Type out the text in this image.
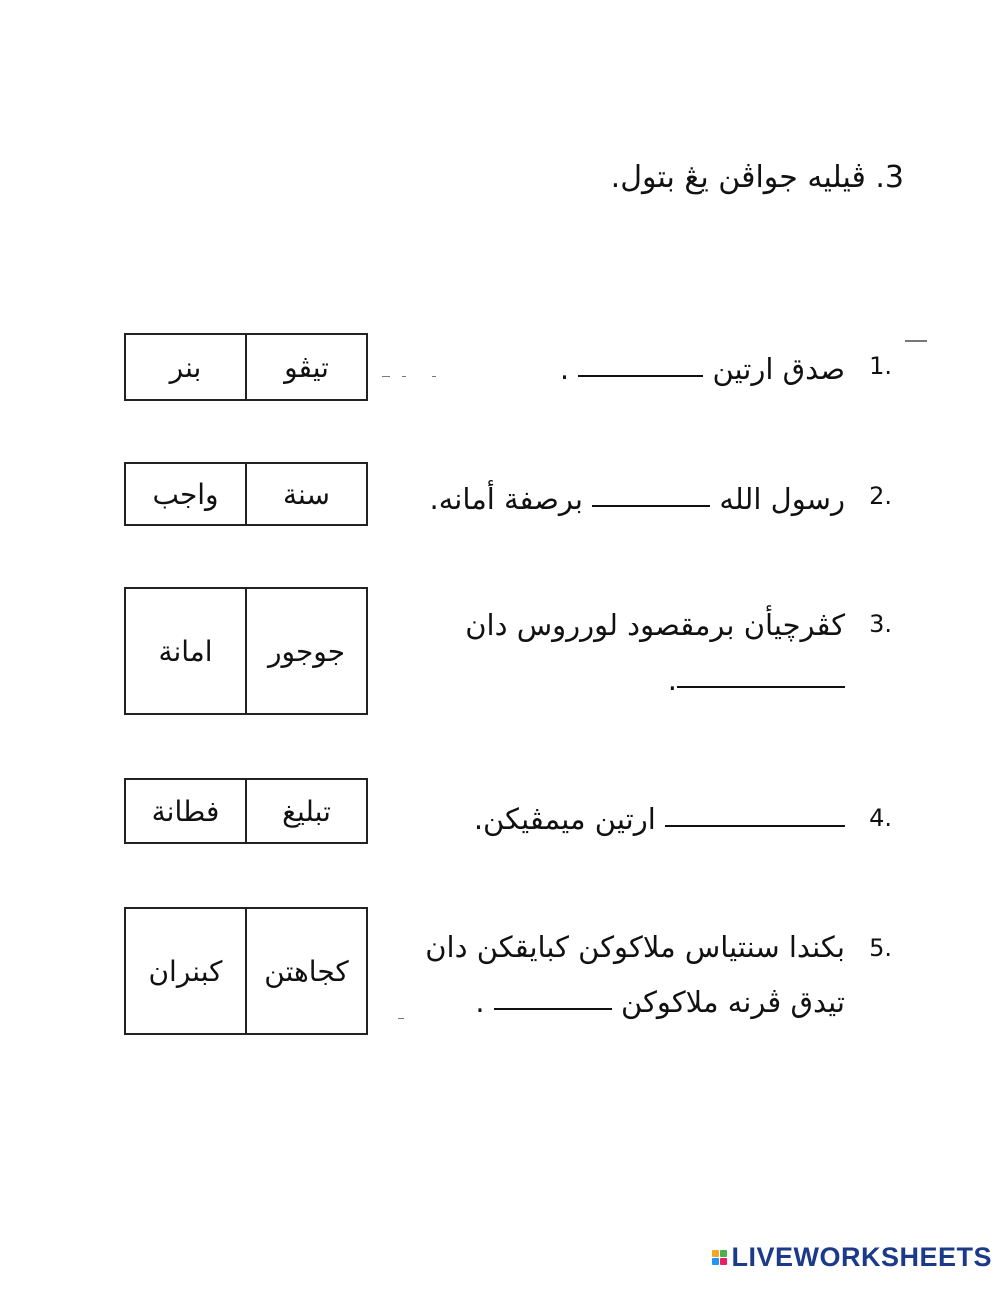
3. ڤيليه جواڤن يڠ بتول.
1.
صدق ارتين  .
بنر	تيڤو
2.
رسول الله  برصفة أمانه.
واجب	سنة
3.
كڤرچيأن برمقصود لورروس دان
.
امانة	جوجور
4.
ارتين ميمڤيکن.
فطانة	تبليغ
5.
بكندا سنتياس ملاكوكن كبايقكن دان
تيدق ڤرنه ملاكوكن  .
كبنران	كجاهتن
LIVEWORKSHEETS
